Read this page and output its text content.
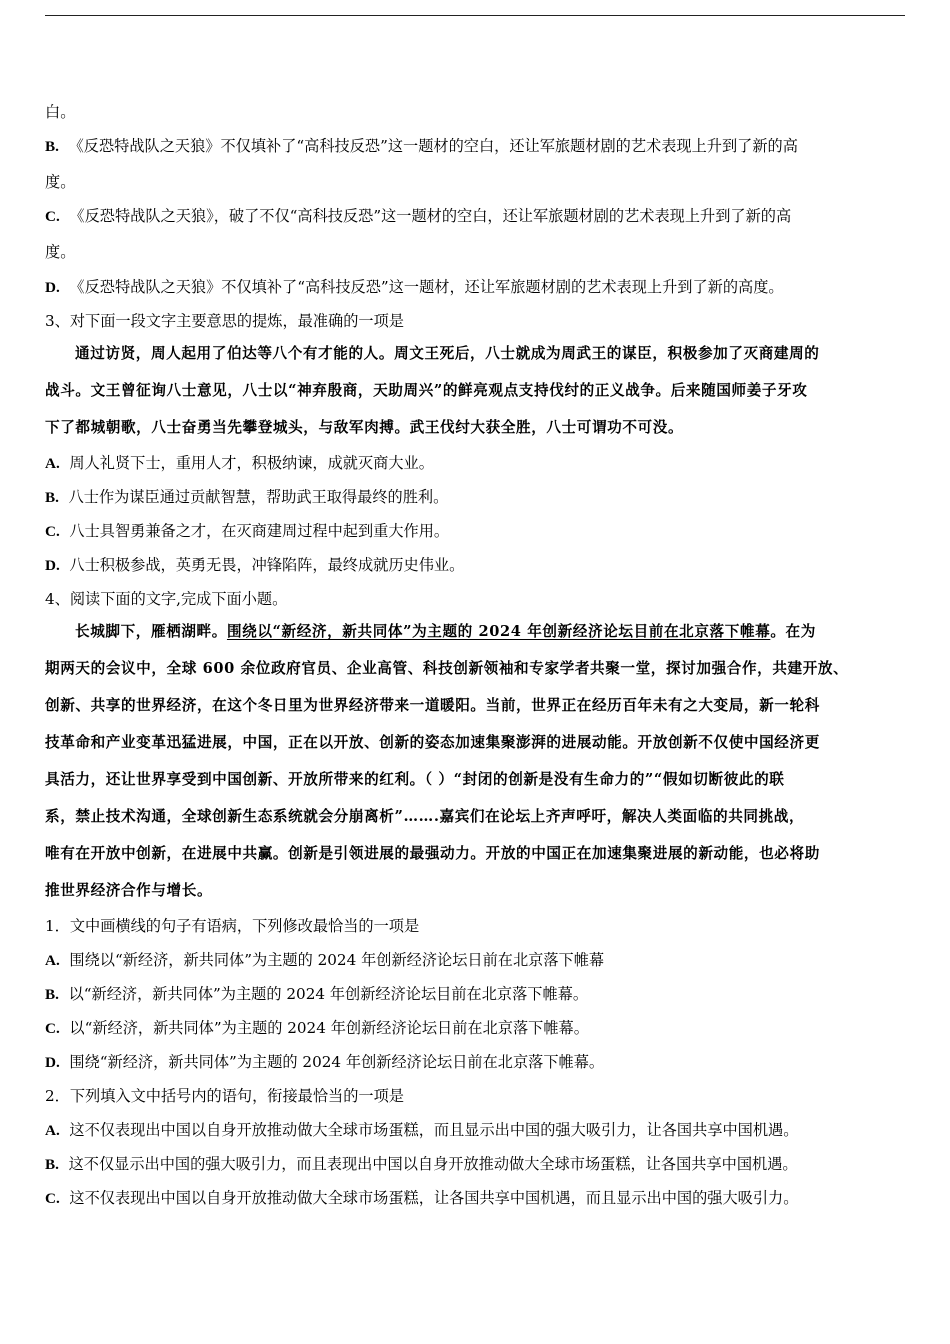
白。
B. 《反恐特战队之天狼》不仅填补了“高科技反恐”这一题材的空白，还让军旅题材剧的艺术表现上升到了新的高
度。
C. 《反恐特战队之天狼》，破了不仅“高科技反恐”这一题材的空白，还让军旅题材剧的艺术表现上升到了新的高
度。
D. 《反恐特战队之天狼》不仅填补了“高科技反恐”这一题材，还让军旅题材剧的艺术表现上升到了新的高度。
3、对下面一段文字主要意思的提炼，最准确的一项是
通过访贤，周人起用了伯达等八个有才能的人。周文王死后，八士就成为周武王的谋臣，积极参加了灭商建周的
战斗。文王曾征询八士意见，八士以“神弃殷商，天助周兴”的鲜亮观点支持伐纣的正义战争。后来随国师姜子牙攻
下了都城朝歌，八士奋勇当先攀登城头，与敌军肉搏。武王伐纣大获全胜，八士可谓功不可没。
A. 周人礼贤下士，重用人才，积极纳谏，成就灭商大业。
B. 八士作为谋臣通过贡献智慧，帮助武王取得最终的胜利。
C. 八士具智勇兼备之才，在灭商建周过程中起到重大作用。
D. 八士积极参战，英勇无畏，冲锋陷阵，最终成就历史伟业。
4、阅读下面的文字,完成下面小题。
长城脚下，雁栖湖畔。围绕以“新经济，新共同体”为主题的 2024 年创新经济论坛目前在北京落下帷幕。在为
期两天的会议中，全球 600 余位政府官员、企业高管、科技创新领袖和专家学者共聚一堂，探讨加强合作，共建开放、
创新、共享的世界经济，在这个冬日里为世界经济带来一道暖阳。当前，世界正在经历百年未有之大变局，新一轮科
技革命和产业变革迅猛进展，中国，正在以开放、创新的姿态加速集聚澎湃的进展动能。开放创新不仅使中国经济更
具活力，还让世界享受到中国创新、开放所带来的红利。（ ）“封闭的创新是没有生命力的”“假如切断彼此的联
系，禁止技术沟通，全球创新生态系统就会分崩离析”…….嘉宾们在论坛上齐声呼吁，解决人类面临的共同挑战，
唯有在开放中创新，在进展中共赢。创新是引领进展的最强动力。开放的中国正在加速集聚进展的新动能，也必将助
推世界经济合作与增长。
1．文中画横线的句子有语病，下列修改最恰当的一项是
A. 围绕以“新经济，新共同体”为主题的 2024 年创新经济论坛日前在北京落下帷幕
B. 以“新经济，新共同体”为主题的 2024 年创新经济论坛目前在北京落下帷幕。
C. 以“新经济，新共同体”为主题的 2024 年创新经济论坛日前在北京落下帷幕。
D. 围绕“新经济，新共同体”为主题的 2024 年创新经济论坛日前在北京落下帷幕。
2．下列填入文中括号内的语句，衔接最恰当的一项是
A. 这不仅表现出中国以自身开放推动做大全球市场蛋糕，而且显示出中国的强大吸引力，让各国共享中国机遇。
B. 这不仅显示出中国的强大吸引力，而且表现出中国以自身开放推动做大全球市场蛋糕，让各国共享中国机遇。
C. 这不仅表现出中国以自身开放推动做大全球市场蛋糕，让各国共享中国机遇，而且显示出中国的强大吸引力。
